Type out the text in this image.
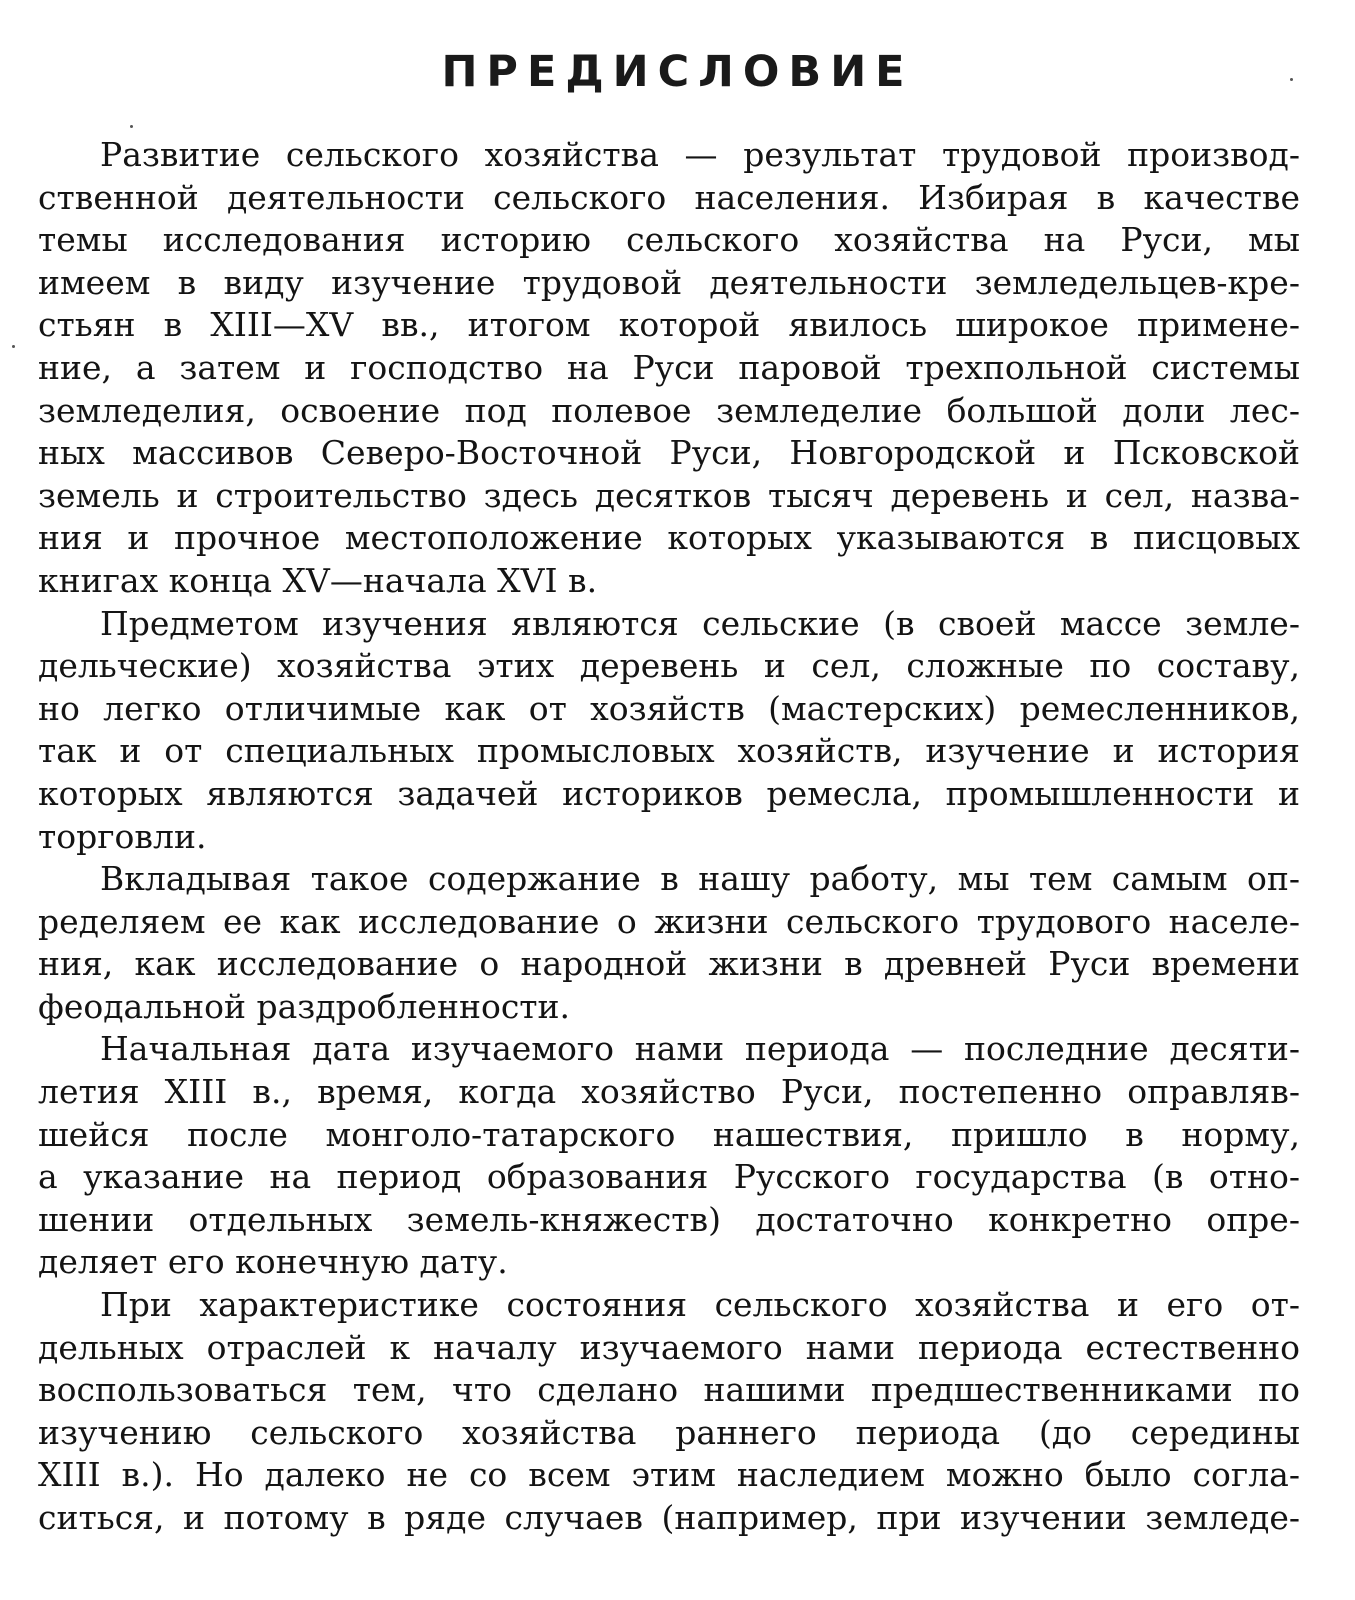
ПРЕДИСЛОВИЕ
Развитие сельского хозяйства — результат трудовой производ-
ственной деятельности сельского населения. Избирая в качестве
темы исследования историю сельского хозяйства на Руси, мы
имеем в виду изучение трудовой деятельности земледельцев-кре-
стьян в XIII—XV вв., итогом которой явилось широкое примене-
ние, а затем и господство на Руси паровой трехпольной системы
земледелия, освоение под полевое земледелие большой доли лес-
ных массивов Северо-Восточной Руси, Новгородской и Псковской
земель и строительство здесь десятков тысяч деревень и сел, назва-
ния и прочное местоположение которых указываются в писцовых
книгах конца XV—начала XVI в.
Предметом изучения являются сельские (в своей массе земле-
дельческие) хозяйства этих деревень и сел, сложные по составу,
но легко отличимые как от хозяйств (мастерских) ремесленников,
так и от специальных промысловых хозяйств, изучение и история
которых являются задачей историков ремесла, промышленности и
торговли.
Вкладывая такое содержание в нашу работу, мы тем самым оп-
ределяем ее как исследование о жизни сельского трудового населе-
ния, как исследование о народной жизни в древней Руси времени
феодальной раздробленности.
Начальная дата изучаемого нами периода — последние десяти-
летия XIII в., время, когда хозяйство Руси, постепенно оправляв-
шейся после монголо-татарского нашествия, пришло в норму,
а указание на период образования Русского государства (в отно-
шении отдельных земель-княжеств) достаточно конкретно опре-
деляет его конечную дату.
При характеристике состояния сельского хозяйства и его от-
дельных отраслей к началу изучаемого нами периода естественно
воспользоваться тем, что сделано нашими предшественниками по
изучению сельского хозяйства раннего периода (до середины
XIII в.). Но далеко не со всем этим наследием можно было согла-
ситься, и потому в ряде случаев (например, при изучении земледе-
